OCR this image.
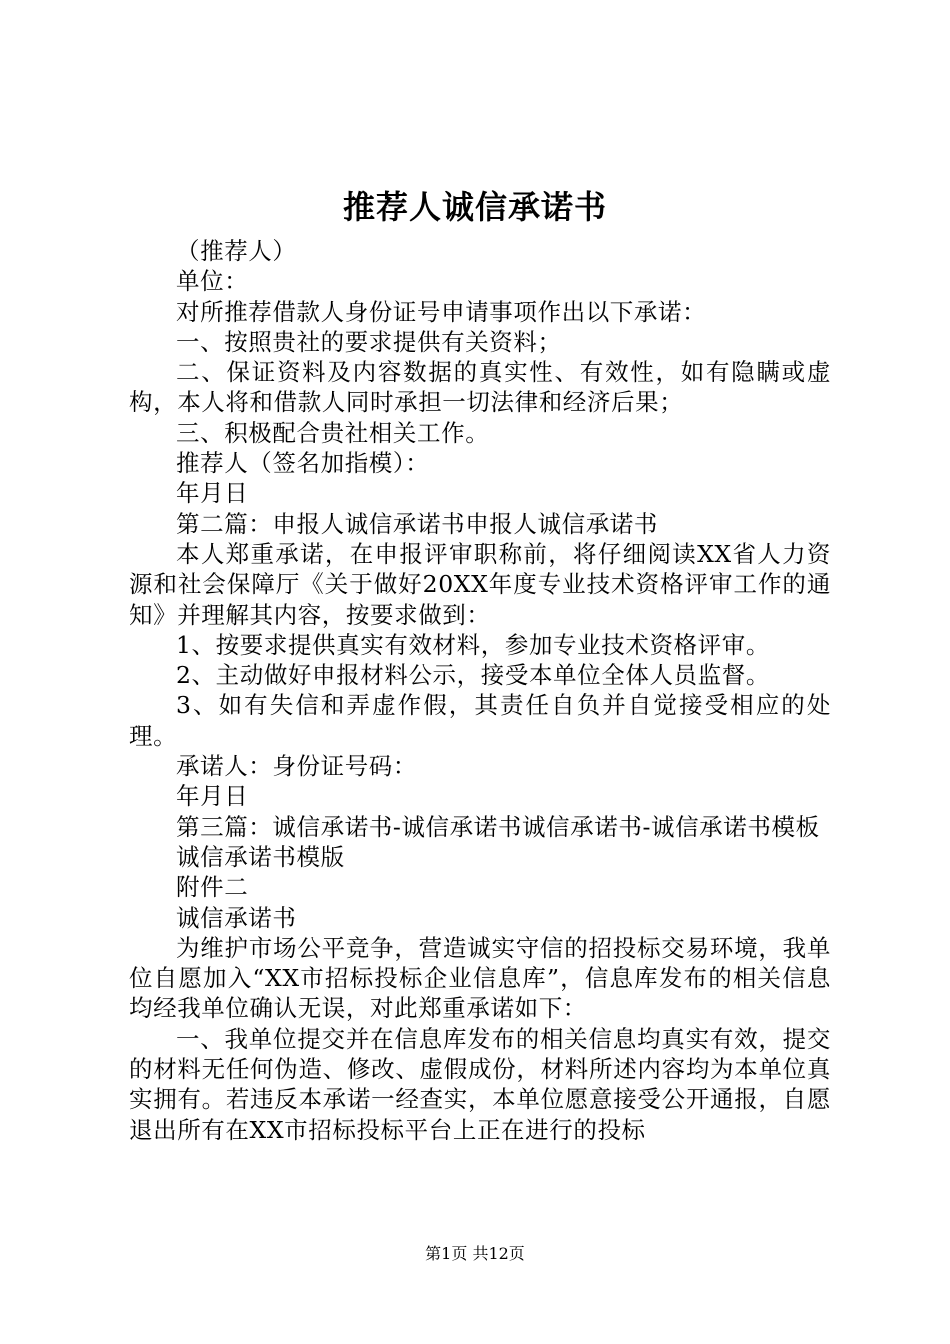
推荐人诚信承诺书

（推荐人）

单位：

对所推荐借款人身份证号申请事项作出以下承诺：

一、按照贵社的要求提供有关资料；

二、保证资料及内容数据的真实性、有效性，如有隐瞒或虚构，本人将和借款人同时承担一切法律和经济后果；

三、积极配合贵社相关工作。

推荐人（签名加指模）：

年月日

第二篇：申报人诚信承诺书申报人诚信承诺书

本人郑重承诺，在申报评审职称前，将仔细阅读XX省人力资源和社会保障厅《关于做好20XX年度专业技术资格评审工作的通知》并理解其内容，按要求做到：

1、按要求提供真实有效材料，参加专业技术资格评审。

2、主动做好申报材料公示，接受本单位全体人员监督。

3、如有失信和弄虚作假，其责任自负并自觉接受相应的处理。

承诺人：身份证号码：

年月日

第三篇：诚信承诺书-诚信承诺书诚信承诺书-诚信承诺书模板

诚信承诺书模版

附件二

诚信承诺书

为维护市场公平竞争，营造诚实守信的招投标交易环境，我单位自愿加入“XX市招标投标企业信息库”，信息库发布的相关信息均经我单位确认无误，对此郑重承诺如下：

一、我单位提交并在信息库发布的相关信息均真实有效，提交的材料无任何伪造、修改、虚假成份，材料所述内容均为本单位真实拥有。若违反本承诺一经查实，本单位愿意接受公开通报，自愿退出所有在XX市招标投标平台上正在进行的投标

第1页 共12页
